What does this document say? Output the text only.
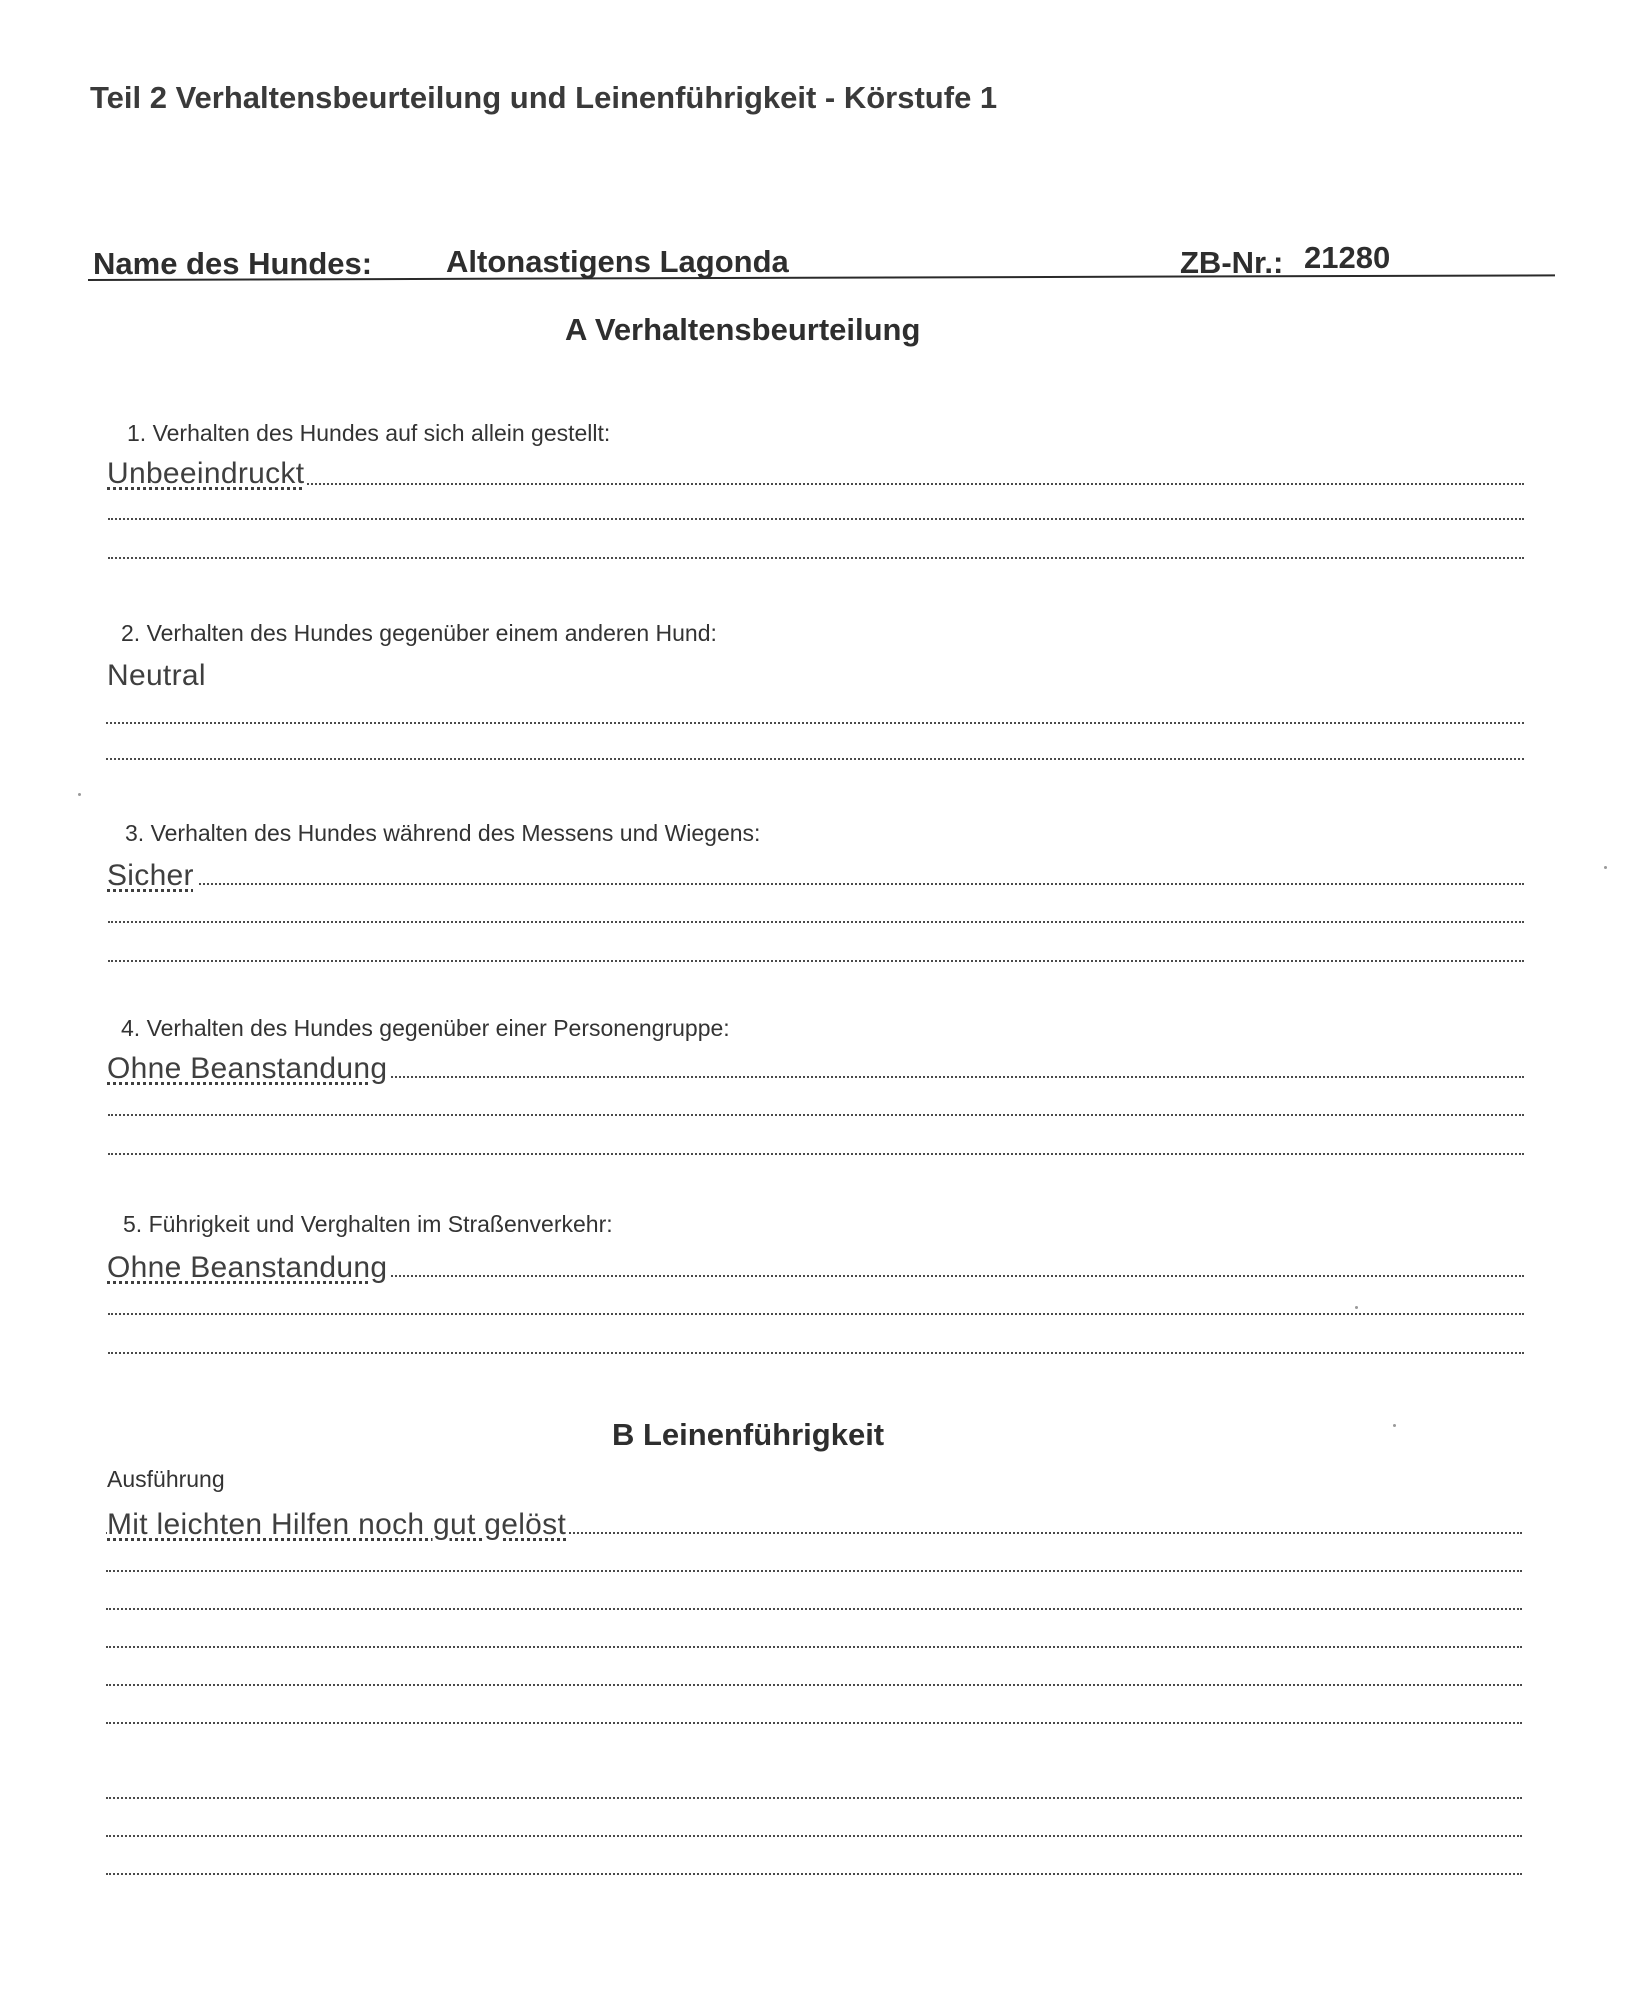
Teil 2 Verhaltensbeurteilung und Leinenführigkeit - Körstufe 1
Name des Hundes: Altonastigens Lagonda	ZB-Nr.: 21280
A Verhaltensbeurteilung
1. Verhalten des Hundes auf sich allein gestellt:
Unbeeindruckt
2. Verhalten des Hundes gegenüber einem anderen Hund:
Neutral
3. Verhalten des Hundes während des Messens und Wiegens:
Sicher
4. Verhalten des Hundes gegenüber einer Personengruppe:
Ohne Beanstandung
5. Führigkeit und Verghalten im Straßenverkehr:
Ohne Beanstandung
B Leinenführigkeit
Ausführung
Mit leichten Hilfen noch gut gelöst
